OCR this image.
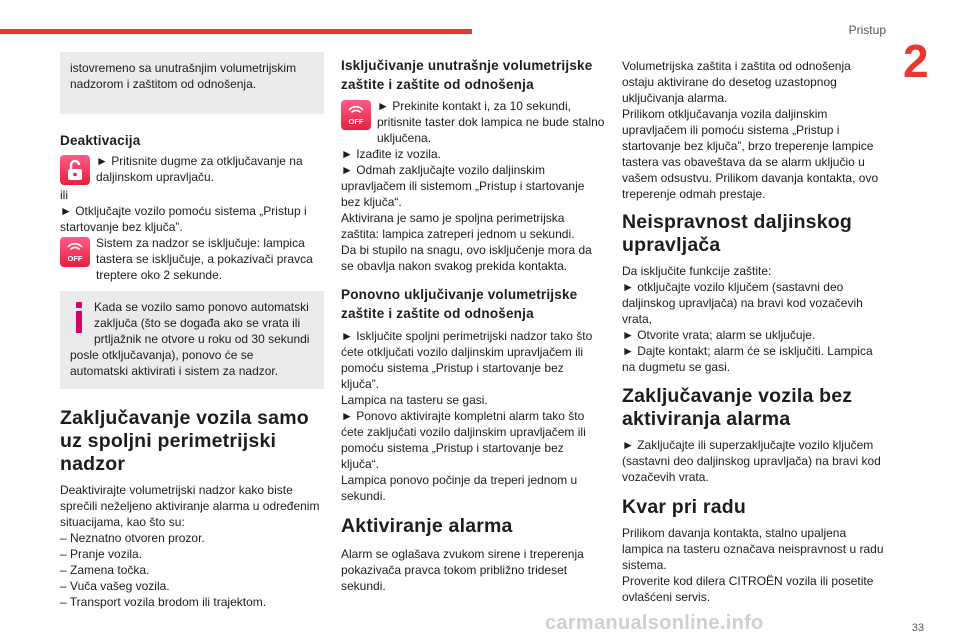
Pristup
2

istovremeno sa unutrašnjim volumetrijskim nadzorom i zaštitom od odnošenja.

Deaktivacija

► Pritisnite dugme za otključavanje na daljinskom upravljaču.

ili

► Otključajte vozilo pomoću sistema „Pristup i startovanje bez ključa”.

OFF

Sistem za nadzor se isključuje: lampica tastera se isključuje, a pokazivači pravca treptere oko 2 sekunde.

Kada se vozilo samo ponovo automatski zaključa (što se događa ako se vrata ili prtljažnik ne otvore u roku od 30 sekundi posle otključavanja), ponovo će se automatski aktivirati i sistem za nadzor.

Zaključavanje vozila samo uz spoljni perimetrijski nadzor

Deaktivirajte volumetrijski nadzor kako biste sprečili neželjeno aktiviranje alarma u određenim situacijama, kao što su:

– Neznatno otvoren prozor.

– Pranje vozila.

– Zamena točka.

– Vuča vašeg vozila.

– Transport vozila brodom ili trajektom.

Isključivanje unutrašnje volumetrijske zaštite i zaštite od odnošenja

OFF

► Prekinite kontakt i, za 10 sekundi, pritisnite taster dok lampica ne bude stalno uključena.

► Izađite iz vozila.

► Odmah zaključajte vozilo daljinskim upravljačem ili sistemom „Pristup i startovanje bez ključa“.

Aktivirana je samo je spoljna perimetrijska zaštita: lampica zatreperi jednom u sekundi.

Da bi stupilo na snagu, ovo isključenje mora da se obavlja nakon svakog prekida kontakta.

Ponovno uključivanje volumetrijske zaštite i zaštite od odnošenja

► Isključite spoljni perimetrijski nadzor tako što ćete otključati vozilo daljinskim upravljačem ili pomoću sistema „Pristup i startovanje bez ključa”.

Lampica na tasteru se gasi.

► Ponovo aktivirajte kompletni alarm tako što ćete zaključati vozilo daljinskim upravljačem ili pomoću sistema „Pristup i startovanje bez ključa“.

Lampica ponovo počinje da treperi jednom u sekundi.

Aktiviranje alarma

Alarm se oglašava zvukom sirene i treperenja pokazivača pravca tokom približno trideset sekundi.

Volumetrijska zaštita i zaštita od odnošenja ostaju aktivirane do desetog uzastopnog uključivanja alarma.

Prilikom otključavanja vozila daljinskim upravljačem ili pomoću sistema „Pristup i startovanje bez ključa”, brzo treperenje lampice tastera vas obaveštava da se alarm uključio u vašem odsustvu. Prilikom davanja kontakta, ovo treperenje odmah prestaje.

Neispravnost daljinskog upravljača

Da isključite funkcije zaštite:

► otključajte vozilo ključem (sastavni deo daljinskog upravljača) na bravi kod vozačevih vrata,

► Otvorite vrata; alarm se uključuje.

► Dajte kontakt; alarm će se isključiti. Lampica na dugmetu se gasi.

Zaključavanje vozila bez aktiviranja alarma

► Zaključajte ili superzaključajte vozilo ključem (sastavni deo daljinskog upravljača) na bravi kod vozačevih vrata.

Kvar pri radu

Prilikom davanja kontakta, stalno upaljena lampica na tasteru označava neispravnost u radu sistema.

Proverite kod dilera CITROËN vozila ili posetite ovlašćeni servis.

carmanualsonline.info	33
